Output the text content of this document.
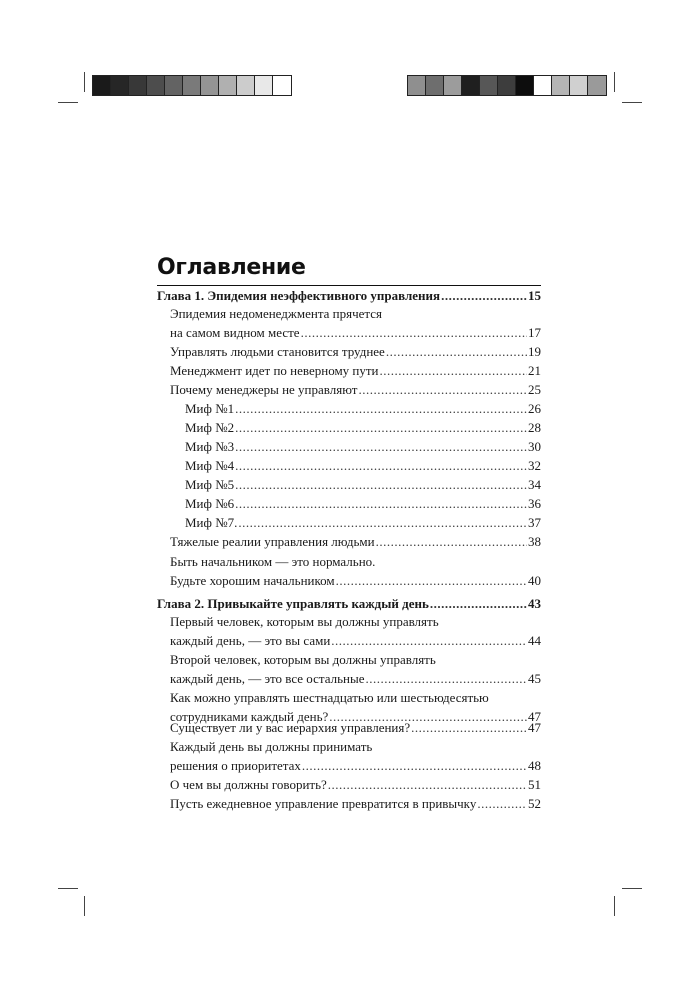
Оглавление
Глава 1. Эпидемия неэффективного управления .....	15
Эпидемия недоменеджмента прячется
на самом видном месте .....	17
Управлять людьми становится труднее .....	19
Менеджмент идет по неверному пути .....	21
Почему менеджеры не управляют .....	25
Миф №1 .....	26
Миф №2 .....	28
Миф №3 .....	30
Миф №4 .....	32
Миф №5 .....	34
Миф №6 .....	36
Миф №7. .....	37
Тяжелые реалии управления людьми .....	38
Быть начальником — это нормально.
Будьте хорошим начальником .....	40
Глава 2. Привыкайте управлять каждый день .....	43
Первый человек, которым вы должны управлять
каждый день, — это вы сами .....	44
Второй человек, которым вы должны управлять
каждый день, — это все остальные .....	45
Как можно управлять шестнадцатью или шестьюдесятью
сотрудниками каждый день? .....	47
Существует ли у вас иерархия управления? .....	47
Каждый день вы должны принимать
решения о приоритетах .....	48
О чем вы должны говорить? .....	51
Пусть ежедневное управление превратится в привычку .....	52
